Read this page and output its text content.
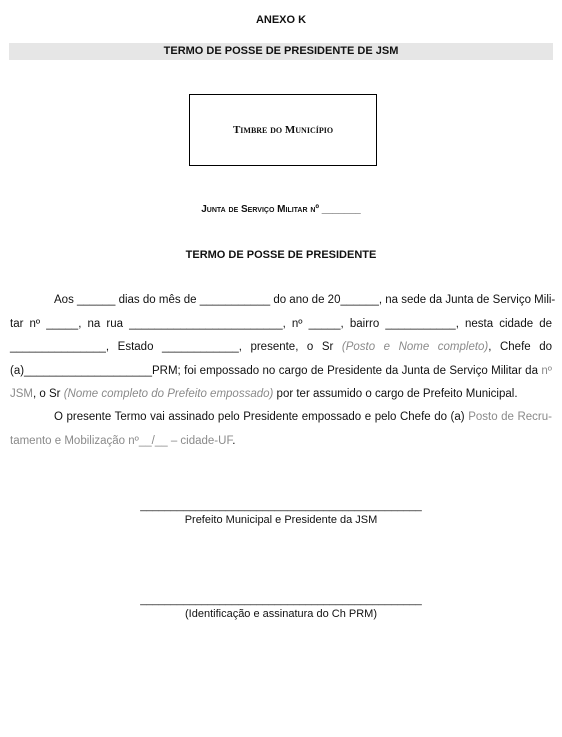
ANEXO K
TERMO DE POSSE DE PRESIDENTE DE JSM
Timbre do Município
Junta de Serviço Militar nº _______
TERMO DE POSSE DE PRESIDENTE
Aos ______ dias do mês de ___________ do ano de 20______, na sede da Junta de Serviço Mili-
tar nº _____, na rua ________________________, nº _____, bairro ___________, nesta cidade de
_______________, Estado ____________, presente, o Sr (Posto e Nome completo), Chefe do
(a)____________________PRM; foi empossado no cargo de Presidente da Junta de Serviço Militar da nº
JSM, o Sr (Nome completo do Prefeito empossado) por ter assumido o cargo de Prefeito Municipal.
O presente Termo vai assinado pelo Presidente empossado e pelo Chefe do (a) Posto de Recru-
tamento e Mobilização nº__/__ – cidade-UF.
______________________________________________
Prefeito Municipal e Presidente da JSM
______________________________________________
(Identificação e assinatura do Ch PRM)
